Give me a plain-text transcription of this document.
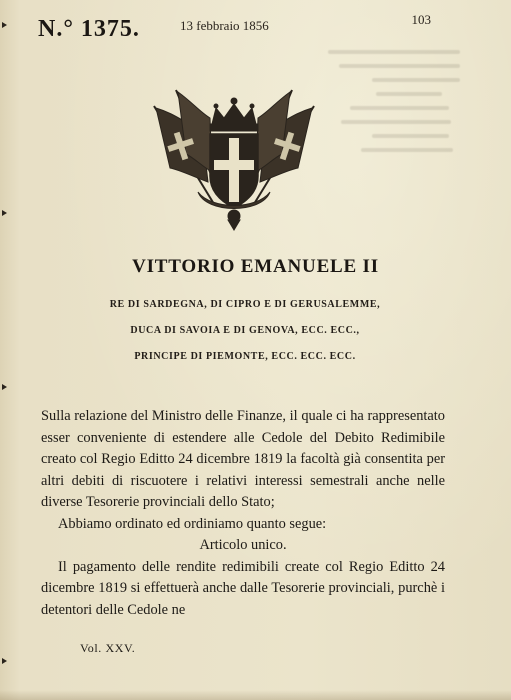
N.° 1375.	13 febbraio 1856	103
VITTORIO EMANUELE II
RE DI SARDEGNA, DI CIPRO E DI GERUSALEMME,
DUCA DI SAVOIA E DI GENOVA, ECC. ECC.,
PRINCIPE DI PIEMONTE, ECC. ECC. ECC.

Sulla relazione del Ministro delle Finanze, il quale ci ha rappresentato esser conveniente di estendere alle Cedole del Debito Redimibile creato col Regio Editto 24 dicembre 1819 la facoltà già consentita per altri debiti di riscuotere i relativi interessi semestrali anche nelle diverse Tesorerie provinciali dello Stato;

Abbiamo ordinato ed ordiniamo quanto segue:

Articolo unico.

Il pagamento delle rendite redimibili create col Regio Editto 24 dicembre 1819 si effettuerà anche dalle Tesorerie provinciali, purchè i detentori delle Cedole ne

Vol. XXV.
